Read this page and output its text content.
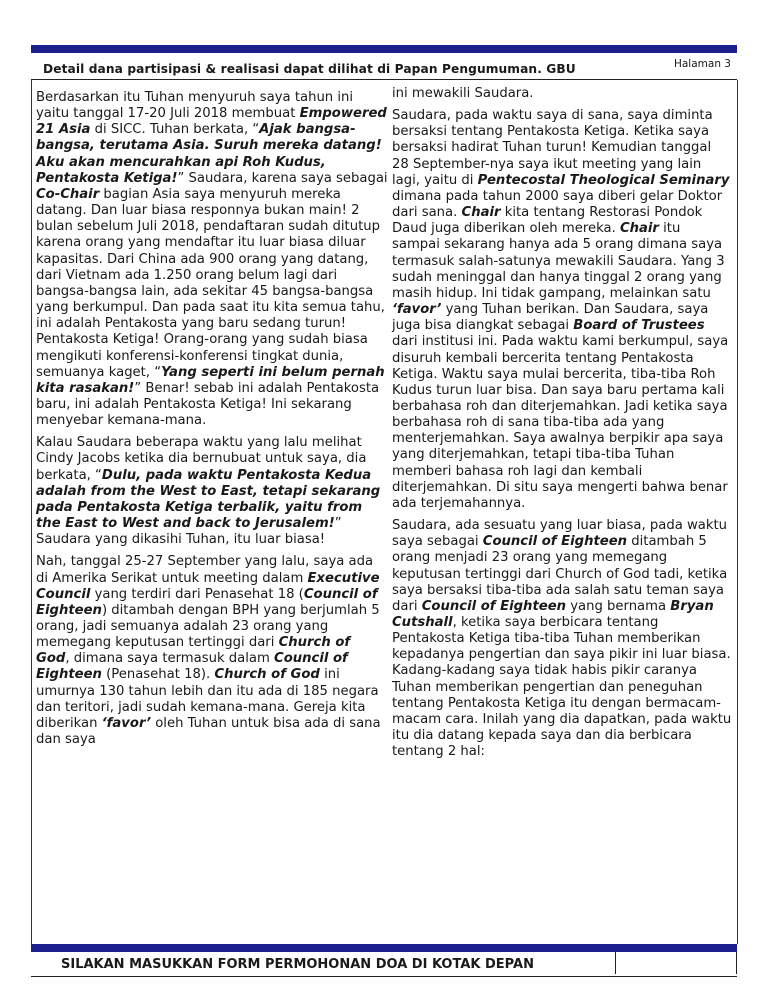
Detail dana partisipasi & realisasi dapat dilihat di Papan Pengumuman. GBU	Halaman 3

Berdasarkan itu Tuhan menyuruh saya tahun ini yaitu tanggal 17-20 Juli 2018 membuat Empowered 21 Asia di SICC. Tuhan berkata, “Ajak bangsa-bangsa, terutama Asia. Suruh mereka datang! Aku akan mencurahkan api Roh Kudus, Pentakosta Ketiga!” Saudara, karena saya sebagai Co-Chair bagian Asia saya menyuruh mereka datang. Dan luar biasa responnya bukan main! 2 bulan sebelum Juli 2018, pendaftaran sudah ditutup karena orang yang mendaftar itu luar biasa diluar kapasitas. Dari China ada 900 orang yang datang, dari Vietnam ada 1.250 orang belum lagi dari bangsa-bangsa lain, ada sekitar 45 bangsa-bangsa yang berkumpul. Dan pada saat itu kita semua tahu, ini adalah Pentakosta yang baru sedang turun! Pentakosta Ketiga! Orang-orang yang sudah biasa mengikuti konferensi-konferensi tingkat dunia, semuanya kaget, “Yang seperti ini belum pernah kita rasakan!” Benar! sebab ini adalah Pentakosta baru, ini adalah Pentakosta Ketiga! Ini sekarang menyebar kemana-mana.

Kalau Saudara beberapa waktu yang lalu melihat Cindy Jacobs ketika dia bernubuat untuk saya, dia berkata, “Dulu, pada waktu Pentakosta Kedua adalah from the West to East, tetapi sekarang pada Pentakosta Ketiga terbalik, yaitu from the East to West and back to Jerusalem!” Saudara yang dikasihi Tuhan, itu luar biasa!

Nah, tanggal 25-27 September yang lalu, saya ada di Amerika Serikat untuk meeting dalam Executive Council yang terdiri dari Penasehat 18 (Council of Eighteen) ditambah dengan BPH yang berjumlah 5 orang, jadi semuanya adalah 23 orang yang memegang keputusan tertinggi dari Church of God, dimana saya termasuk dalam Council of Eighteen (Penasehat 18). Church of God ini umurnya 130 tahun lebih dan itu ada di 185 negara dan teritori, jadi sudah kemana-mana. Gereja kita diberikan ‘favor’ oleh Tuhan untuk bisa ada di sana dan saya

ini mewakili Saudara.

Saudara, pada waktu saya di sana, saya diminta bersaksi tentang Pentakosta Ketiga. Ketika saya bersaksi hadirat Tuhan turun! Kemudian tanggal 28 September-nya saya ikut meeting yang lain lagi, yaitu di Pentecostal Theological Seminary dimana pada tahun 2000 saya diberi gelar Doktor dari sana. Chair kita tentang Restorasi Pondok Daud juga diberikan oleh mereka. Chair itu sampai sekarang hanya ada 5 orang dimana saya termasuk salah-satunya mewakili Saudara. Yang 3 sudah meninggal dan hanya tinggal 2 orang yang masih hidup. Ini tidak gampang, melainkan satu ‘favor’ yang Tuhan berikan. Dan Saudara, saya juga bisa diangkat sebagai Board of Trustees dari institusi ini. Pada waktu kami berkumpul, saya disuruh kembali bercerita tentang Pentakosta Ketiga. Waktu saya mulai bercerita, tiba-tiba Roh Kudus turun luar bisa. Dan saya baru pertama kali berbahasa roh dan diterjemahkan. Jadi ketika saya berbahasa roh di sana tiba-tiba ada yang menterjemahkan. Saya awalnya berpikir apa saya yang diterjemahkan, tetapi tiba-tiba Tuhan memberi bahasa roh lagi dan kembali diterjemahkan. Di situ saya mengerti bahwa benar ada terjemahannya.

Saudara, ada sesuatu yang luar biasa, pada waktu saya sebagai Council of Eighteen ditambah 5 orang menjadi 23 orang yang memegang keputusan tertinggi dari Church of God tadi, ketika saya bersaksi tiba-tiba ada salah satu teman saya dari Council of Eighteen yang bernama Bryan Cutshall, ketika saya berbicara tentang Pentakosta Ketiga tiba-tiba Tuhan memberikan kepadanya pengertian dan saya pikir ini luar biasa. Kadang-kadang saya tidak habis pikir caranya Tuhan memberikan pengertian dan peneguhan tentang Pentakosta Ketiga itu dengan bermacam-macam cara. Inilah yang dia dapatkan, pada waktu itu dia datang kepada saya dan dia berbicara tentang 2 hal:

SILAKAN MASUKKAN FORM PERMOHONAN DOA DI KOTAK DEPAN
